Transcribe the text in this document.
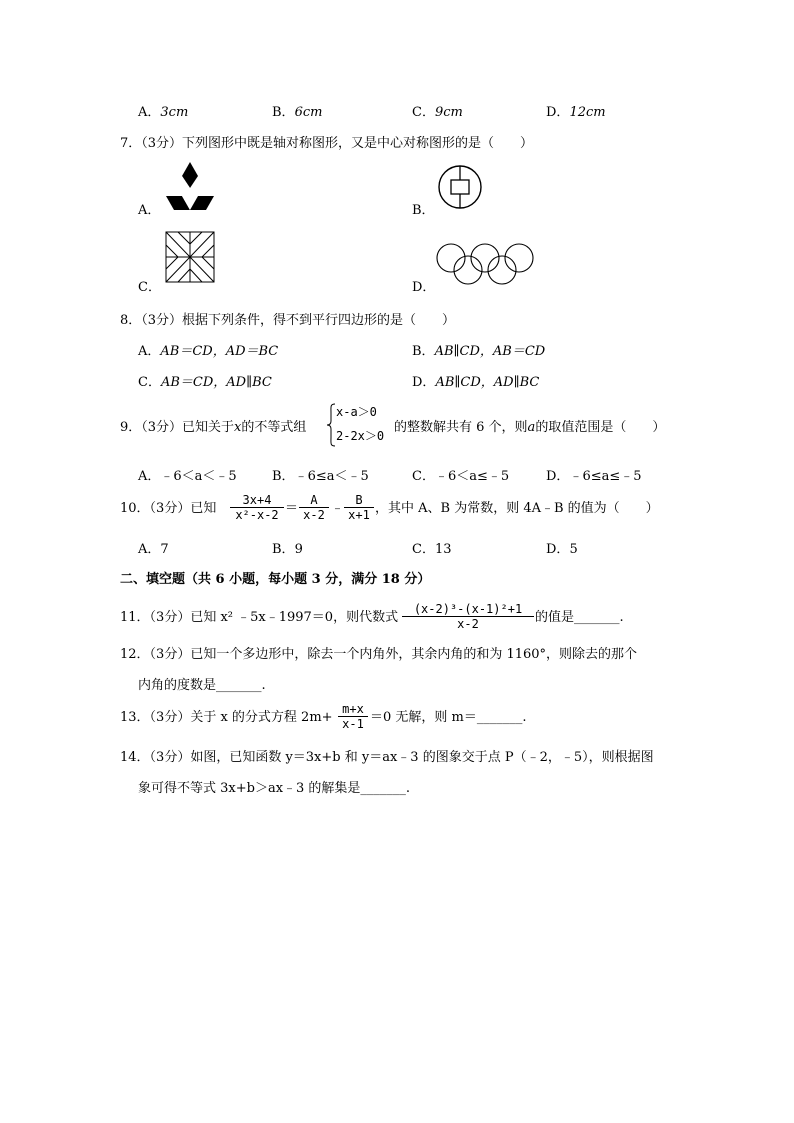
A．3cm	B．6cm	C．9cm	D．12cm
7．（3分）下列图形中既是轴对称图形，又是中心对称图形的是（　　）
A．	B．
C．	D．
8．（3分）根据下列条件，得不到平行四边形的是（　　）
A．AB＝CD，AD＝BC	B．AB∥CD，AB＝CD
C．AB＝CD，AD∥BC	D．AB∥CD，AD∥BC
9．（3分）已知关于x的不等式组
x-a＞0
2-2x＞0
的整数解共有 6 个，则a的取值范围是（　　）
A．﹣6＜a＜﹣5	B．﹣6≤a＜﹣5	C．﹣6＜a≤﹣5	D．﹣6≤a≤﹣5
10．（3分）已知
3x+4
x²-x-2 ＝
A
x-2 ﹣
B
x+1 ，其中 A、B 为常数，则 4A﹣B 的值为（　　）
A．7	B．9	C．13	D．5
二、填空题（共 6 小题，每小题 3 分，满分 18 分）
11．（3分）已知 x² ﹣5x﹣1997＝0，则代数式
(x-2)³-(x-1)²+1
x-2	的值是_______.
12．（3分）已知一个多边形中，除去一个内角外，其余内角的和为 1160°，则除去的那个
内角的度数是_______.
13．（3分）关于 x 的分式方程 2m+
m+x
x-1 ＝0 无解，则 m＝_______.
14．（3分）如图，已知函数 y＝3x+b 和 y＝ax﹣3 的图象交于点 P（﹣2，﹣5），则根据图
象可得不等式 3x+b＞ax﹣3 的解集是_______.
